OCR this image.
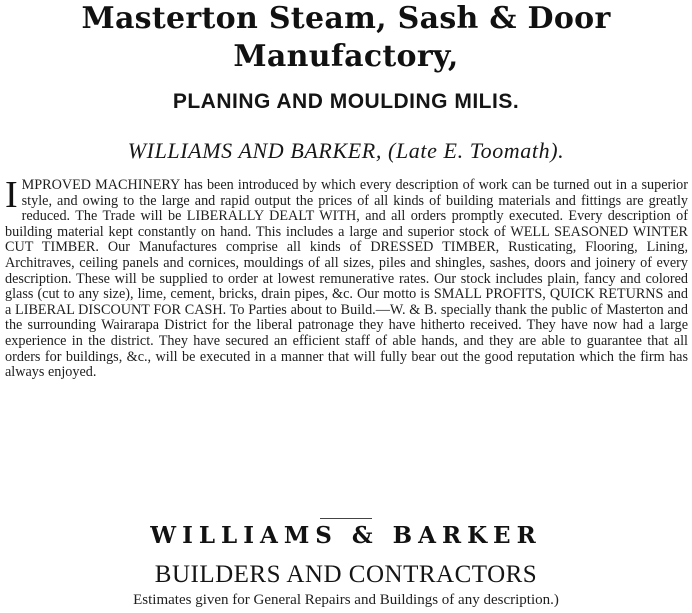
Masterton Steam, Sash & Door
Manufactory,
PLANING AND MOULDING MILIS.
WILLIAMS AND BARKER, (Late E. Toomath).

IMPROVED MACHINERY has been introduced by which every description of work can be turned out in a superior style, and owing to the large and rapid output the prices of all kinds of building materials and fittings are greatly reduced. The Trade will be LIBERALLY DEALT WITH, and all orders promptly executed. Every description of building material kept constantly on hand. This includes a large and superior stock of WELL SEASONED WINTER CUT TIMBER. Our Manufactures comprise all kinds of DRESSED TIMBER, Rusticating, Flooring, Lining, Architraves, ceiling panels and cornices, mouldings of all sizes, piles and shingles, sashes, doors and joinery of every description. These will be supplied to order at lowest remunerative rates. Our stock includes plain, fancy and colored glass (cut to any size), lime, cement, bricks, drain pipes, &c. Our motto is SMALL PROFITS, QUICK RETURNS and a LIBERAL DISCOUNT FOR CASH. To Parties about to Build.—W. & B. specially thank the public of Masterton and the surrounding Wairarapa District for the liberal patronage they have hitherto received. They have now had a large experience in the district. They have secured an efficient staff of able hands, and they are able to guarantee that all orders for buildings, &c., will be executed in a manner that will fully bear out the good reputation which the firm has always enjoyed.

WILLIAMS & BARKER
BUILDERS AND CONTRACTORS
Estimates given for General Repairs and Buildings of any description.)
